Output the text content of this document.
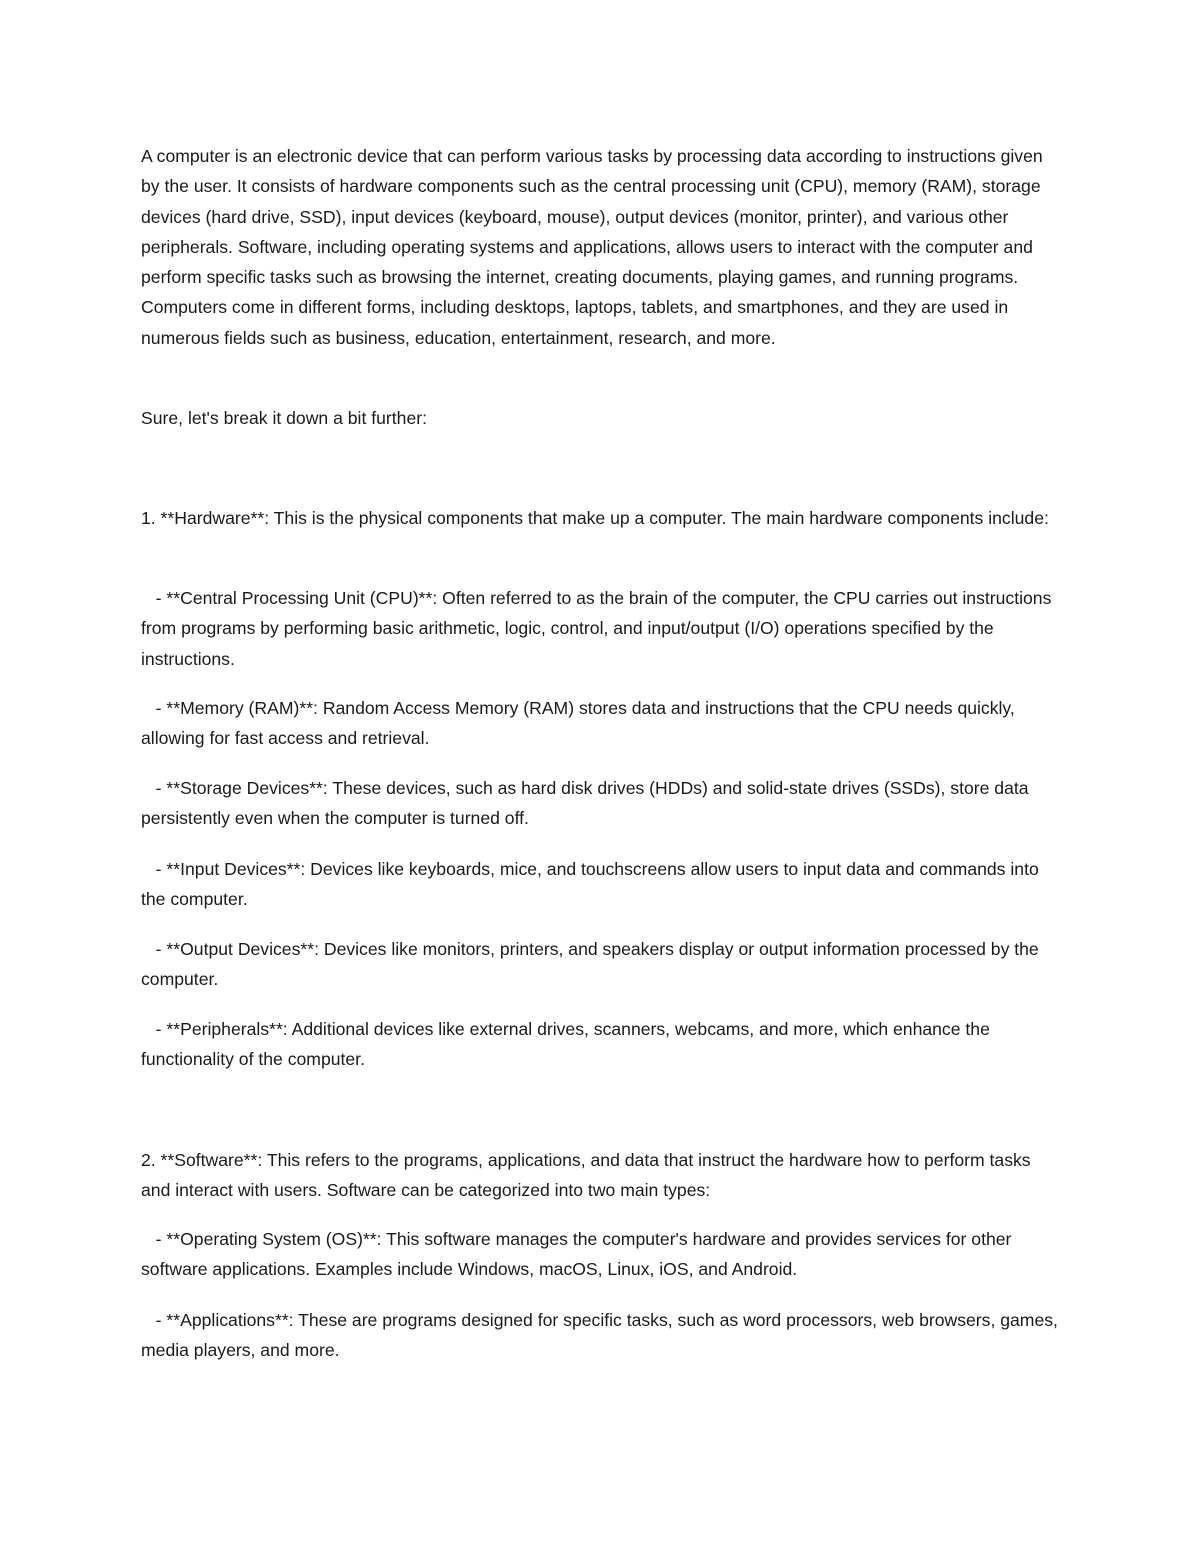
A computer is an electronic device that can perform various tasks by processing data according to instructions given by the user. It consists of hardware components such as the central processing unit (CPU), memory (RAM), storage devices (hard drive, SSD), input devices (keyboard, mouse), output devices (monitor, printer), and various other peripherals. Software, including operating systems and applications, allows users to interact with the computer and perform specific tasks such as browsing the internet, creating documents, playing games, and running programs. Computers come in different forms, including desktops, laptops, tablets, and smartphones, and they are used in numerous fields such as business, education, entertainment, research, and more.

Sure, let's break it down a bit further:

1. **Hardware**: This is the physical components that make up a computer. The main hardware components include:

- **Central Processing Unit (CPU)**: Often referred to as the brain of the computer, the CPU carries out instructions from programs by performing basic arithmetic, logic, control, and input/output (I/O) operations specified by the instructions.

- **Memory (RAM)**: Random Access Memory (RAM) stores data and instructions that the CPU needs quickly, allowing for fast access and retrieval.

- **Storage Devices**: These devices, such as hard disk drives (HDDs) and solid-state drives (SSDs), store data persistently even when the computer is turned off.

- **Input Devices**: Devices like keyboards, mice, and touchscreens allow users to input data and commands into the computer.

- **Output Devices**: Devices like monitors, printers, and speakers display or output information processed by the computer.

- **Peripherals**: Additional devices like external drives, scanners, webcams, and more, which enhance the functionality of the computer.

2. **Software**: This refers to the programs, applications, and data that instruct the hardware how to perform tasks and interact with users. Software can be categorized into two main types:

- **Operating System (OS)**: This software manages the computer's hardware and provides services for other software applications. Examples include Windows, macOS, Linux, iOS, and Android.

- **Applications**: These are programs designed for specific tasks, such as word processors, web browsers, games, media players, and more.
